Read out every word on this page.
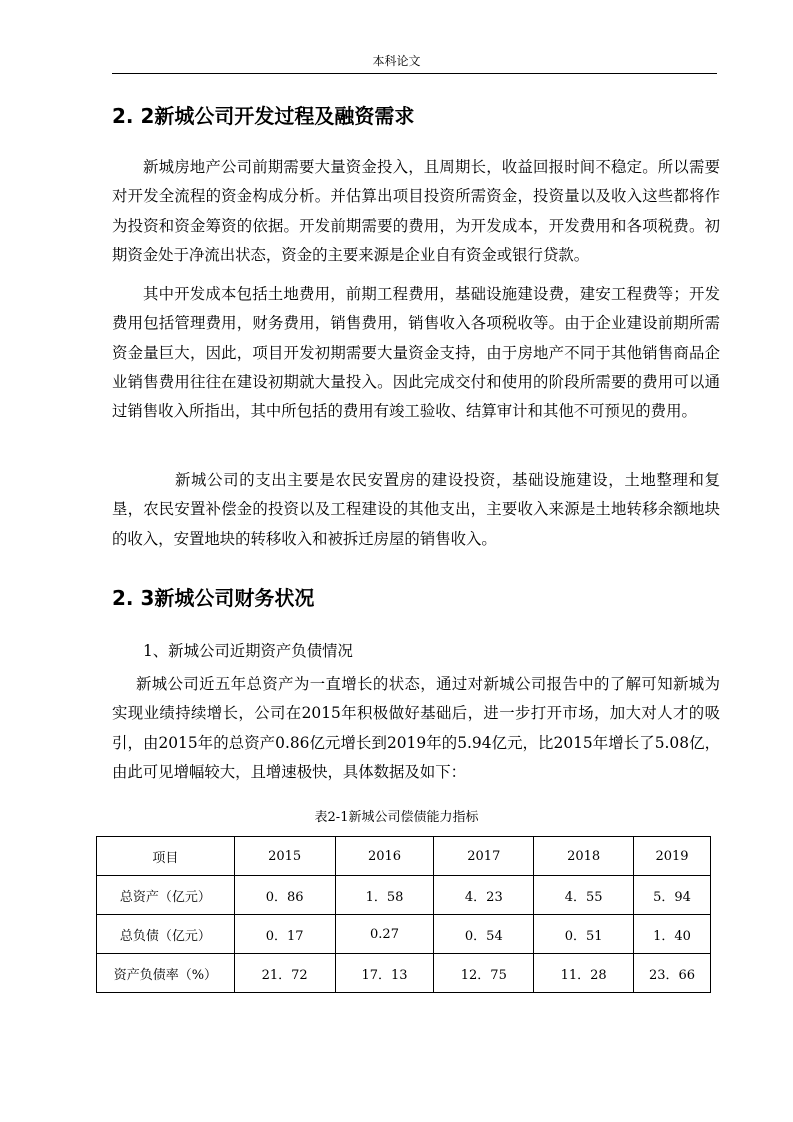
本科论文
2. 2新城公司开发过程及融资需求
新城房地产公司前期需要大量资金投入，且周期长，收益回报时间不稳定。所以需要对开发全流程的资金构成分析。并估算出项目投资所需资金，投资量以及收入这些都将作为投资和资金筹资的依据。开发前期需要的费用，为开发成本，开发费用和各项税费。初期资金处于净流出状态，资金的主要来源是企业自有资金或银行贷款。
其中开发成本包括土地费用，前期工程费用，基础设施建设费，建安工程费等；开发费用包括管理费用，财务费用，销售费用，销售收入各项税收等。由于企业建设前期所需资金量巨大，因此，项目开发初期需要大量资金支持，由于房地产不同于其他销售商品企业销售费用往往在建设初期就大量投入。因此完成交付和使用的阶段所需要的费用可以通过销售收入所指出，其中所包括的费用有竣工验收、结算审计和其他不可预见的费用。
新城公司的支出主要是农民安置房的建设投资，基础设施建设，土地整理和复垦，农民安置补偿金的投资以及工程建设的其他支出，主要收入来源是土地转移余额地块的收入，安置地块的转移收入和被拆迁房屋的销售收入。
2. 3新城公司财务状况
1、新城公司近期资产负债情况
新城公司近五年总资产为一直增长的状态，通过对新城公司报告中的了解可知新城为实现业绩持续增长，公司在2015年积极做好基础后，进一步打开市场，加大对人才的吸引，由2015年的总资产0.86亿元增长到2019年的5.94亿元，比2015年增长了5.08亿，由此可见增幅较大，且增速极快，具体数据及如下：
表2-1新城公司偿债能力指标
项目	2015	2016	2017	2018	2019
总资产（亿元）	0．86	1．58	4．23	4．55	5．94
总负债（亿元）	0．17	0.27	0．54	0．51	1．40
资产负债率（%）	21．72	17．13	12．75	11．28	23．66
